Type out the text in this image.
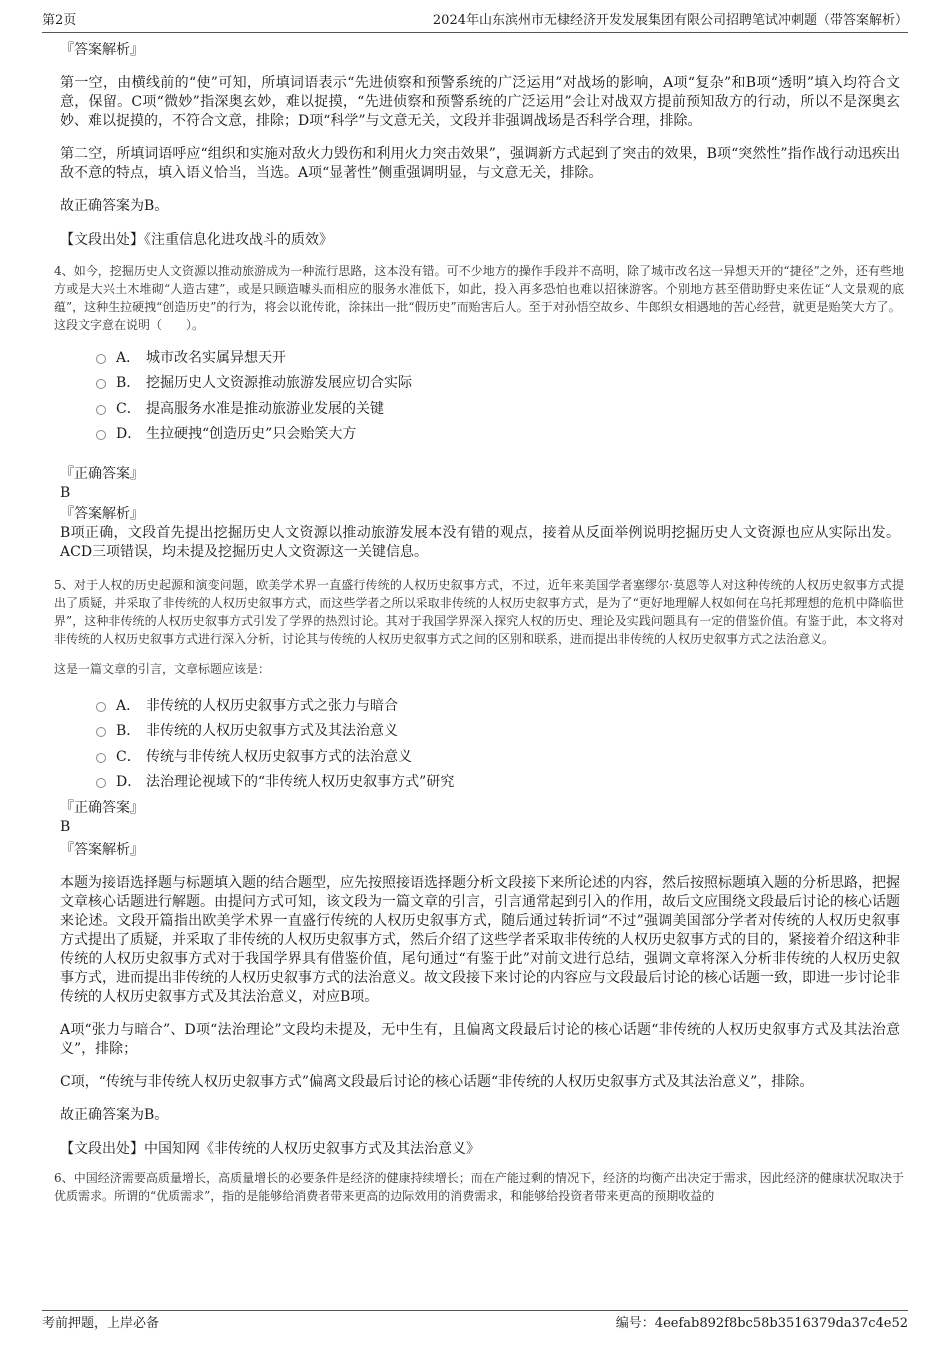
第2页	2024年山东滨州市无棣经济开发发展集团有限公司招聘笔试冲刺题（带答案解析）
『答案解析』

第一空，由横线前的“使”可知，所填词语表示“先进侦察和预警系统的广泛运用”对战场的影响，A项“复杂”和B项“透明”填入均符合文意，保留。C项“微妙”指深奥玄妙，难以捉摸，“先进侦察和预警系统的广泛运用”会让对战双方提前预知敌方的行动，所以不是深奥玄妙、难以捉摸的，不符合文意，排除；D项“科学”与文意无关，文段并非强调战场是否科学合理，排除。

第二空，所填词语呼应“组织和实施对敌火力毁伤和利用火力突击效果”，强调新方式起到了突击的效果，B项“突然性”指作战行动迅疾出敌不意的特点，填入语义恰当，当选。A项“显著性”侧重强调明显，与文意无关，排除。

故正确答案为B。

【文段出处】《注重信息化进攻战斗的质效》

4、如今，挖掘历史人文资源以推动旅游成为一种流行思路，这本没有错。可不少地方的操作手段并不高明，除了城市改名这一异想天开的“捷径”之外，还有些地方或是大兴土木堆砌“人造古建”，或是只顾造噱头而相应的服务水准低下，如此，投入再多恐怕也难以招徕游客。个别地方甚至借助野史来佐证“人文景观的底蕴”，这种生拉硬拽“创造历史”的行为，将会以讹传讹，涂抹出一批“假历史”而贻害后人。至于对孙悟空故乡、牛郎织女相遇地的苦心经营，就更是贻笑大方了。

这段文字意在说明（　　）。
A． 城市改名实属异想天开
B． 挖掘历史人文资源推动旅游发展应切合实际
C． 提高服务水准是推动旅游业发展的关键
D． 生拉硬拽“创造历史”只会贻笑大方
『正确答案』
B
『答案解析』

B项正确，文段首先提出挖掘历史人文资源以推动旅游发展本没有错的观点，接着从反面举例说明挖掘历史人文资源也应从实际出发。ACD三项错误，均未提及挖掘历史人文资源这一关键信息。

5、对于人权的历史起源和演变问题，欧美学术界一直盛行传统的人权历史叙事方式，不过，近年来美国学者塞缪尔·莫恩等人对这种传统的人权历史叙事方式提出了质疑，并采取了非传统的人权历史叙事方式，而这些学者之所以采取非传统的人权历史叙事方式，是为了“更好地理解人权如何在乌托邦理想的危机中降临世界”，这种非传统的人权历史叙事方式引发了学界的热烈讨论。其对于我国学界深入探究人权的历史、理论及实践问题具有一定的借鉴价值。有鉴于此，本文将对非传统的人权历史叙事方式进行深入分析，讨论其与传统的人权历史叙事方式之间的区别和联系，进而提出非传统的人权历史叙事方式之法治意义。

这是一篇文章的引言，文章标题应该是：
A． 非传统的人权历史叙事方式之张力与暗合
B． 非传统的人权历史叙事方式及其法治意义
C． 传统与非传统人权历史叙事方式的法治意义
D． 法治理论视域下的“非传统人权历史叙事方式”研究
『正确答案』
B
『答案解析』

本题为接语选择题与标题填入题的结合题型，应先按照接语选择题分析文段接下来所论述的内容，然后按照标题填入题的分析思路，把握文章核心话题进行解题。由提问方式可知，该文段为一篇文章的引言，引言通常起到引入的作用，故后文应围绕文段最后讨论的核心话题来论述。文段开篇指出欧美学术界一直盛行传统的人权历史叙事方式，随后通过转折词“不过”强调美国部分学者对传统的人权历史叙事方式提出了质疑，并采取了非传统的人权历史叙事方式，然后介绍了这些学者采取非传统的人权历史叙事方式的目的，紧接着介绍这种非传统的人权历史叙事方式对于我国学界具有借鉴价值，尾句通过“有鉴于此”对前文进行总结，强调文章将深入分析非传统的人权历史叙事方式，进而提出非传统的人权历史叙事方式的法治意义。故文段接下来讨论的内容应与文段最后讨论的核心话题一致，即进一步讨论非传统的人权历史叙事方式及其法治意义，对应B项。

A项“张力与暗合”、D项“法治理论”文段均未提及，无中生有，且偏离文段最后讨论的核心话题“非传统的人权历史叙事方式及其法治意义”，排除；

C项，“传统与非传统人权历史叙事方式”偏离文段最后讨论的核心话题“非传统的人权历史叙事方式及其法治意义”，排除。

故正确答案为B。

【文段出处】中国知网《非传统的人权历史叙事方式及其法治意义》

6、中国经济需要高质量增长，高质量增长的必要条件是经济的健康持续增长；而在产能过剩的情况下，经济的均衡产出决定于需求，因此经济的健康状况取决于优质需求。所谓的“优质需求”，指的是能够给消费者带来更高的边际效用的消费需求，和能够给投资者带来更高的预期收益的

考前押题，上岸必备	编号：4eefab892f8bc58b3516379da37c4e52
